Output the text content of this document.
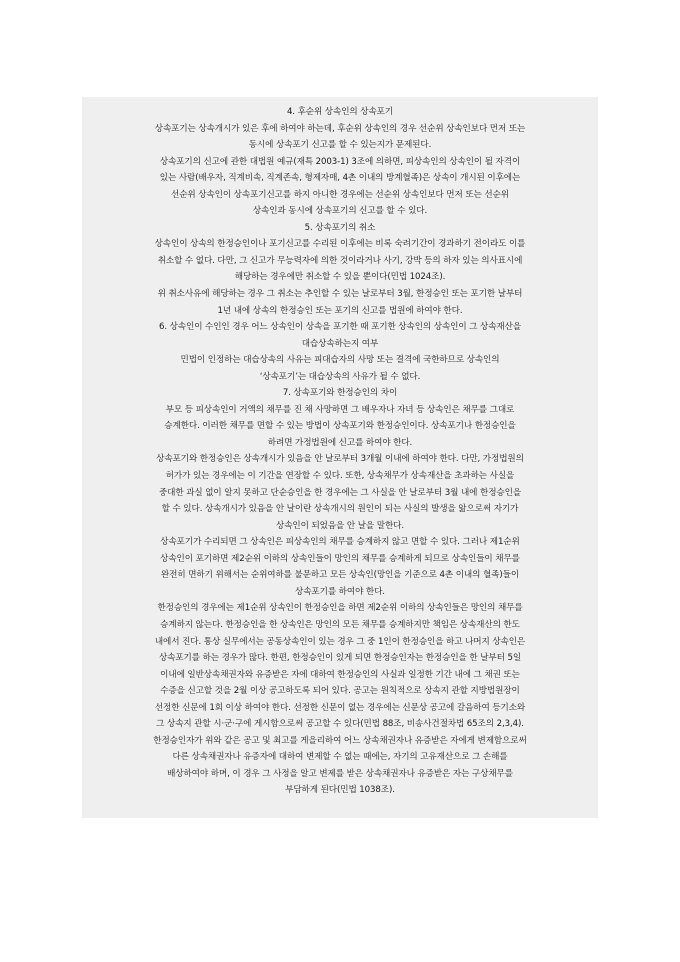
4. 후순위 상속인의 상속포기
상속포기는 상속개시가 있은 후에 하여야 하는데, 후순위 상속인의 경우 선순위 상속인보다 먼저 또는
동시에 상속포기 신고를 할 수 있는지가 문제된다.
상속포기의 신고에 관한 대법원 예규(재특 2003-1) 3조에 의하면, 피상속인의 상속인이 될 자격이
있는 사람(배우자, 직계비속, 직계존속, 형제자매, 4촌 이내의 방계혈족)은 상속이 개시된 이후에는
선순위 상속인이 상속포기신고를 하지 아니한 경우에는 선순위 상속인보다 먼저 또는 선순위
상속인과 동시에 상속포기의 신고를 할 수 있다.
5. 상속포기의 취소
상속인이 상속의 한정승인이나 포기신고를 수리된 이후에는 비록 숙려기간이 경과하기 전이라도 이를
취소할 수 없다. 다만, 그 신고가 무능력자에 의한 것이라거나 사기, 강박 등의 하자 있는 의사표시에
해당하는 경우에만 취소할 수 있을 뿐이다(민법 1024조).
위 취소사유에 해당하는 경우 그 취소는 추인할 수 있는 날로부터 3월, 한정승인 또는 포기한 날부터
1년 내에 상속의 한정승인 또는 포기의 신고를 법원에 하여야 한다.
6. 상속인이 수인인 경우 어느 상속인이 상속을 포기한 때 포기한 상속인의 상속인이 그 상속재산을
대습상속하는지 여부
민법이 인정하는 대습상속의 사유는 피대습자의 사망 또는 결격에 국한하므로 상속인의
‘상속포기’는 대습상속의 사유가 될 수 없다.
7. 상속포기와 한정승인의 차이
부모 등 피상속인이 거액의 채무를 진 채 사망하면 그 배우자나 자녀 등 상속인은 채무를 그대로
승계한다. 이러한 채무를 면할 수 있는 방법이 상속포기와 한정승인이다. 상속포기나 한정승인을
하려면 가정법원에 신고를 하여야 한다.
상속포기와 한정승인은 상속개시가 있음을 안 날로부터 3개월 이내에 하여야 한다. 다만, 가정법원의
허가가 있는 경우에는 이 기간을 연장할 수 있다. 또한, 상속채무가 상속재산을 초과하는 사실을
중대한 과실 없이 알지 못하고 단순승인을 한 경우에는 그 사실을 안 날로부터 3월 내에 한정승인을
할 수 있다. 상속개시가 있음을 안 날이란 상속개시의 원인이 되는 사실의 발생을 앎으로써 자기가
상속인이 되었음을 안 날을 말한다.
상속포기가 수리되면 그 상속인은 피상속인의 채무를 승계하지 않고 면할 수 있다. 그러나 제1순위
상속인이 포기하면 제2순위 이하의 상속인들이 망인의 채무를 승계하게 되므로 상속인들이 채무를
완전히 면하기 위해서는 순위여하를 불문하고 모든 상속인(망인을 기준으로 4촌 이내의 혈족)들이
상속포기를 하여야 한다.
한정승인의 경우에는 제1순위 상속인이 한정승인을 하면 제2순위 이하의 상속인들은 망인의 채무를
승계하지 않는다. 한정승인을 한 상속인은 망인의 모든 채무를 승계하지만 책임은 상속재산의 한도
내에서 진다. 통상 실무에서는 공동상속인이 있는 경우 그 중 1인이 한정승인을 하고 나머지 상속인은
상속포기를 하는 경우가 많다. 한편, 한정승인이 있게 되면 한정승인자는 한정승인을 한 날부터 5일
이내에 일반상속채권자와 유증받은 자에 대하여 한정승인의 사실과 일정한 기간 내에 그 채권 또는
수증을 신고할 것을 2월 이상 공고하도록 되어 있다. 공고는 원칙적으로 상속지 관할 지방법원장이
선정한 신문에 1회 이상 하여야 한다. 선정한 신문이 없는 경우에는 신문상 공고에 갈음하여 등기소와
그 상속지 관할 시·군·구에 게시함으로써 공고할 수 있다(민법 88조, 비송사건절차법 65조의 2,3,4).
한정승인자가 위와 같은 공고 및 최고를 게을리하여 어느 상속채권자나 유증받은 자에게 변제함으로써
다른 상속채권자나 유증자에 대하여 변제할 수 없는 때에는, 자기의 고유재산으로 그 손해를
배상하여야 하며, 이 경우 그 사정을 알고 변제를 받은 상속채권자나 유증받은 자는 구상채무를
부담하게 된다(민법 1038조).
